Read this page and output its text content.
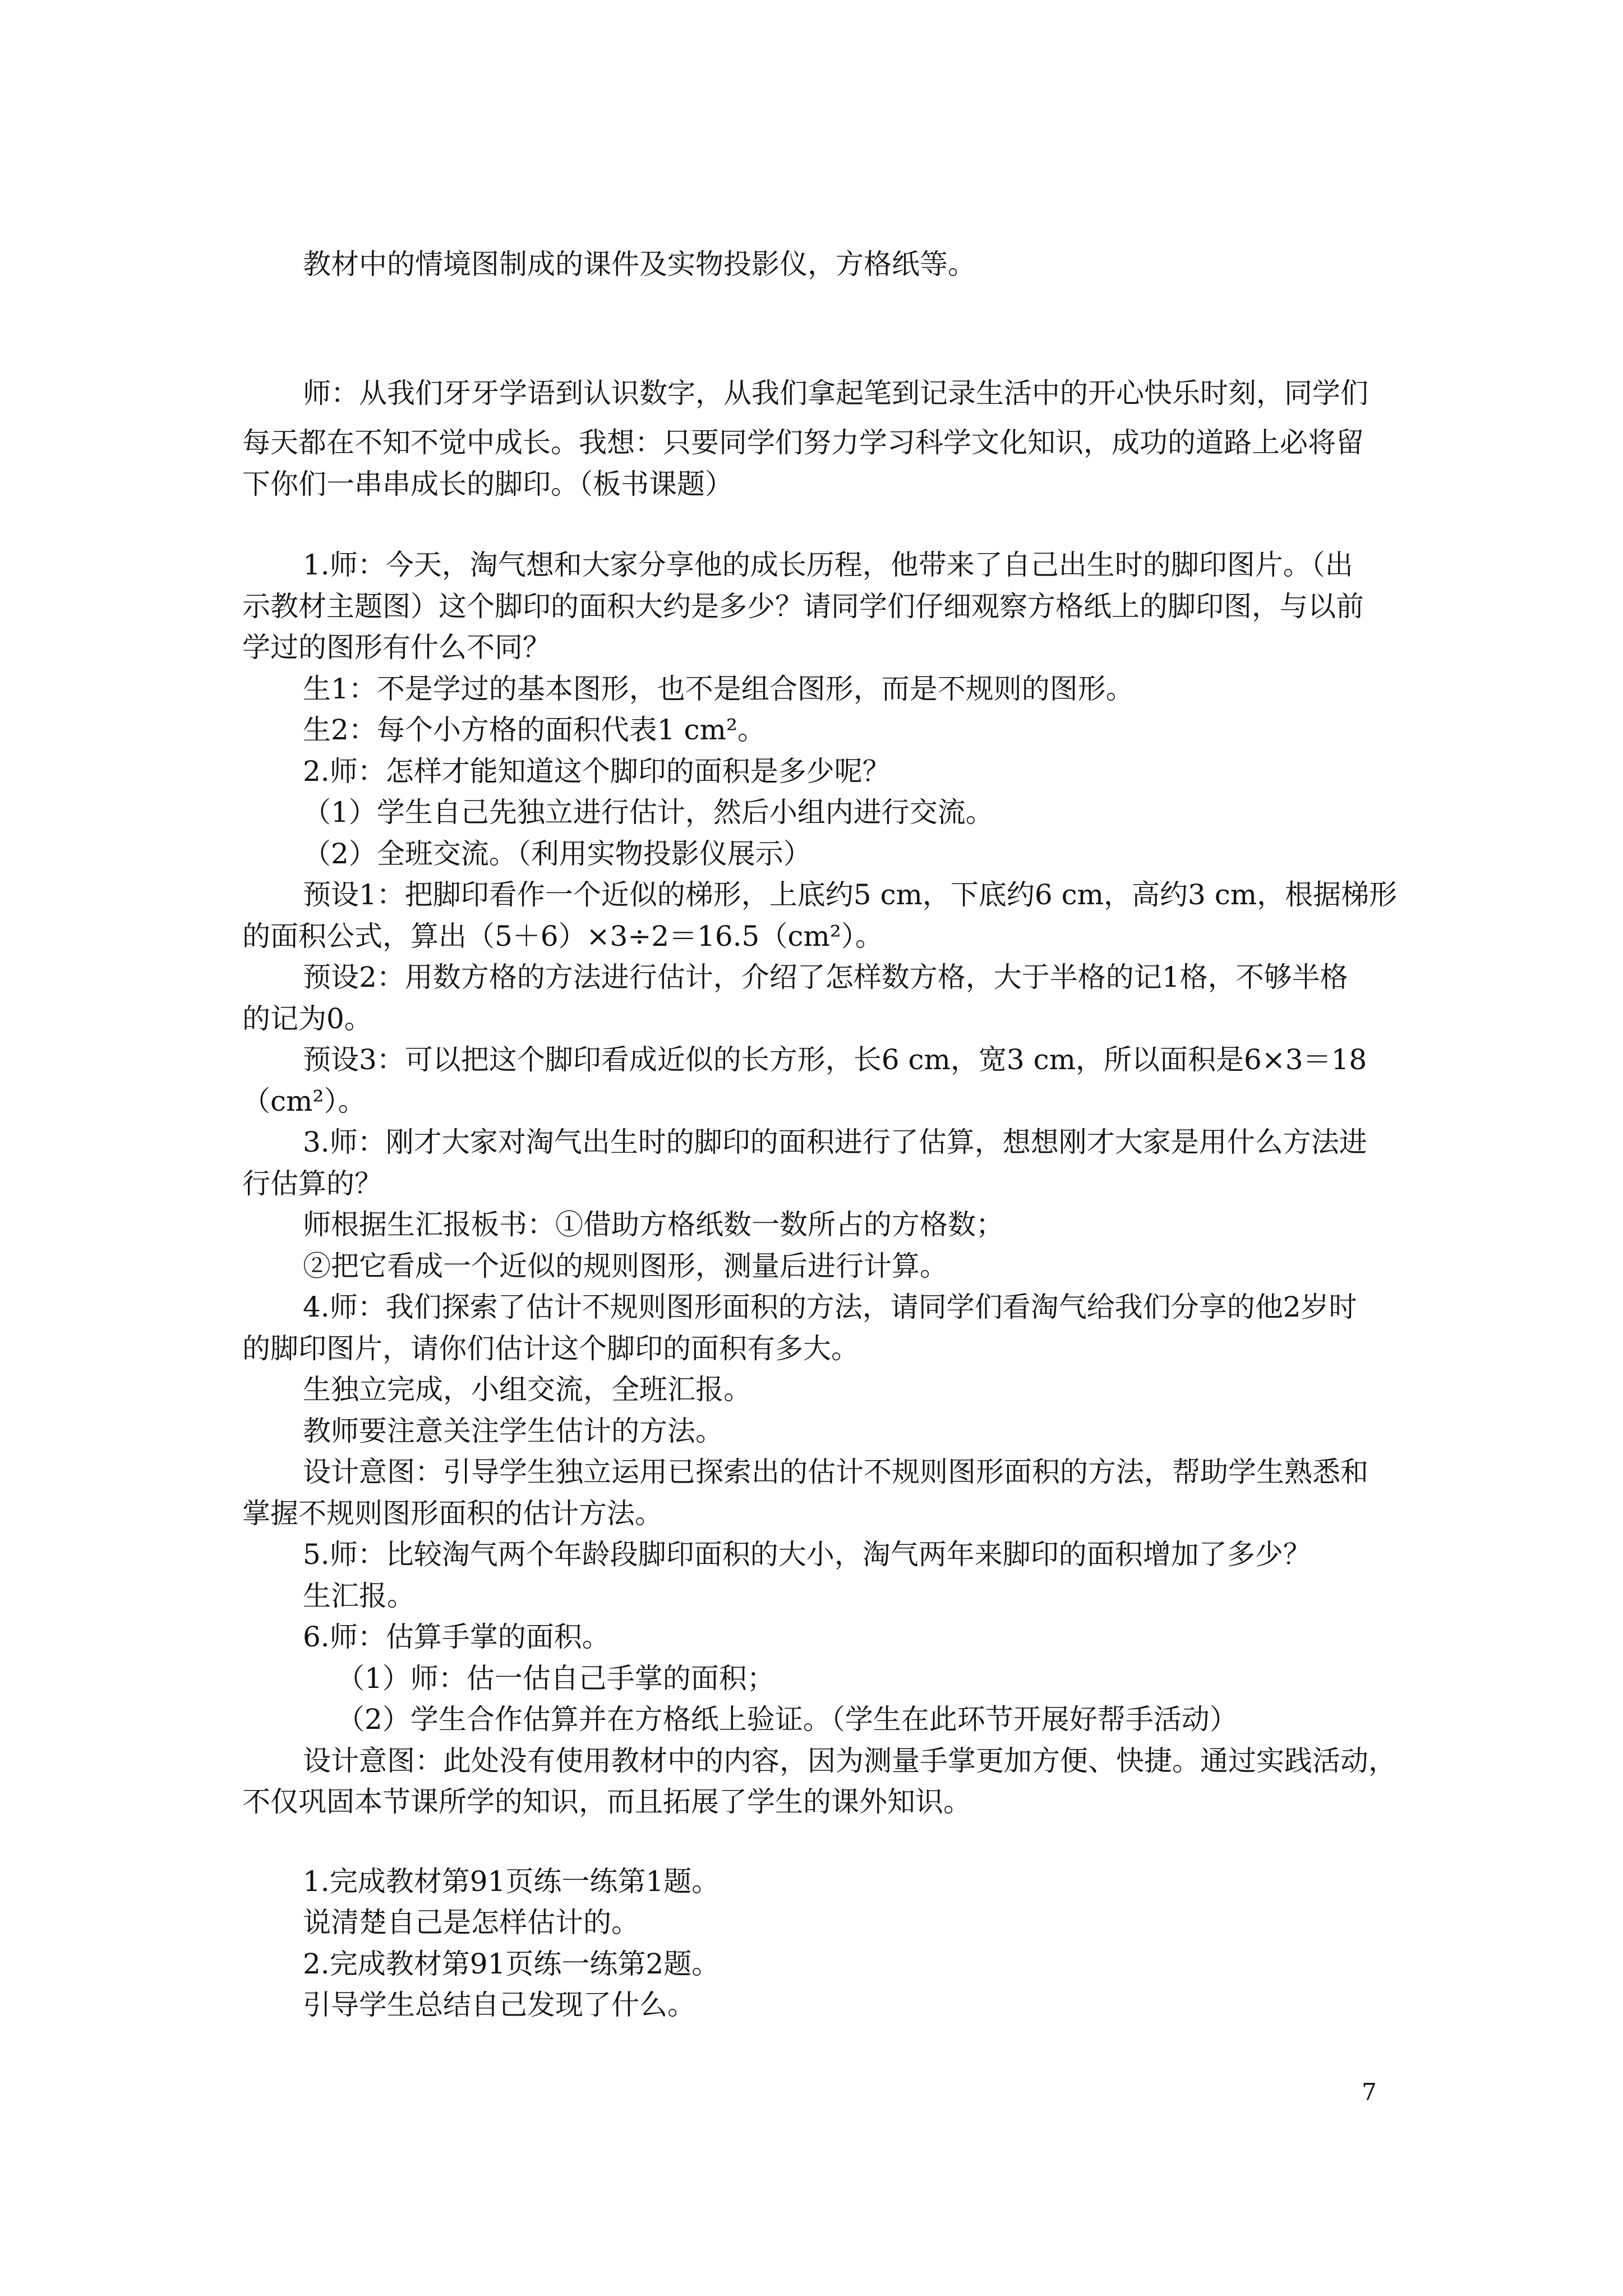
教材中的情境图制成的课件及实物投影仪，方格纸等。
师：从我们牙牙学语到认识数字，从我们拿起笔到记录生活中的开心快乐时刻，同学们
每天都在不知不觉中成长。我想：只要同学们努力学习科学文化知识，成功的道路上必将留
下你们一串串成长的脚印。（板书课题）
1.师：今天，淘气想和大家分享他的成长历程，他带来了自己出生时的脚印图片。（出
示教材主题图）这个脚印的面积大约是多少？请同学们仔细观察方格纸上的脚印图，与以前
学过的图形有什么不同？
生1：不是学过的基本图形，也不是组合图形，而是不规则的图形。
生2：每个小方格的面积代表1 cm²。
2.师：怎样才能知道这个脚印的面积是多少呢？
（1）学生自己先独立进行估计，然后小组内进行交流。
（2）全班交流。（利用实物投影仪展示）
预设1：把脚印看作一个近似的梯形，上底约5 cm，下底约6 cm，高约3 cm，根据梯形
的面积公式，算出（5＋6）×3÷2＝16.5（cm²）。
预设2：用数方格的方法进行估计，介绍了怎样数方格，大于半格的记1格，不够半格
的记为0。
预设3：可以把这个脚印看成近似的长方形，长6 cm，宽3 cm，所以面积是6×3＝18
（cm²）。
3.师：刚才大家对淘气出生时的脚印的面积进行了估算，想想刚才大家是用什么方法进
行估算的？
师根据生汇报板书：①借助方格纸数一数所占的方格数；
②把它看成一个近似的规则图形，测量后进行计算。
4.师：我们探索了估计不规则图形面积的方法，请同学们看淘气给我们分享的他2岁时
的脚印图片，请你们估计这个脚印的面积有多大。
生独立完成，小组交流，全班汇报。
教师要注意关注学生估计的方法。
设计意图：引导学生独立运用已探索出的估计不规则图形面积的方法，帮助学生熟悉和
掌握不规则图形面积的估计方法。
5.师：比较淘气两个年龄段脚印面积的大小，淘气两年来脚印的面积增加了多少？
生汇报。
6.师：估算手掌的面积。
（1）师：估一估自己手掌的面积；
（2）学生合作估算并在方格纸上验证。（学生在此环节开展好帮手活动）
设计意图：此处没有使用教材中的内容，因为测量手掌更加方便、快捷。通过实践活动，
不仅巩固本节课所学的知识，而且拓展了学生的课外知识。
1.完成教材第91页练一练第1题。
说清楚自己是怎样估计的。
2.完成教材第91页练一练第2题。
引导学生总结自己发现了什么。
7
